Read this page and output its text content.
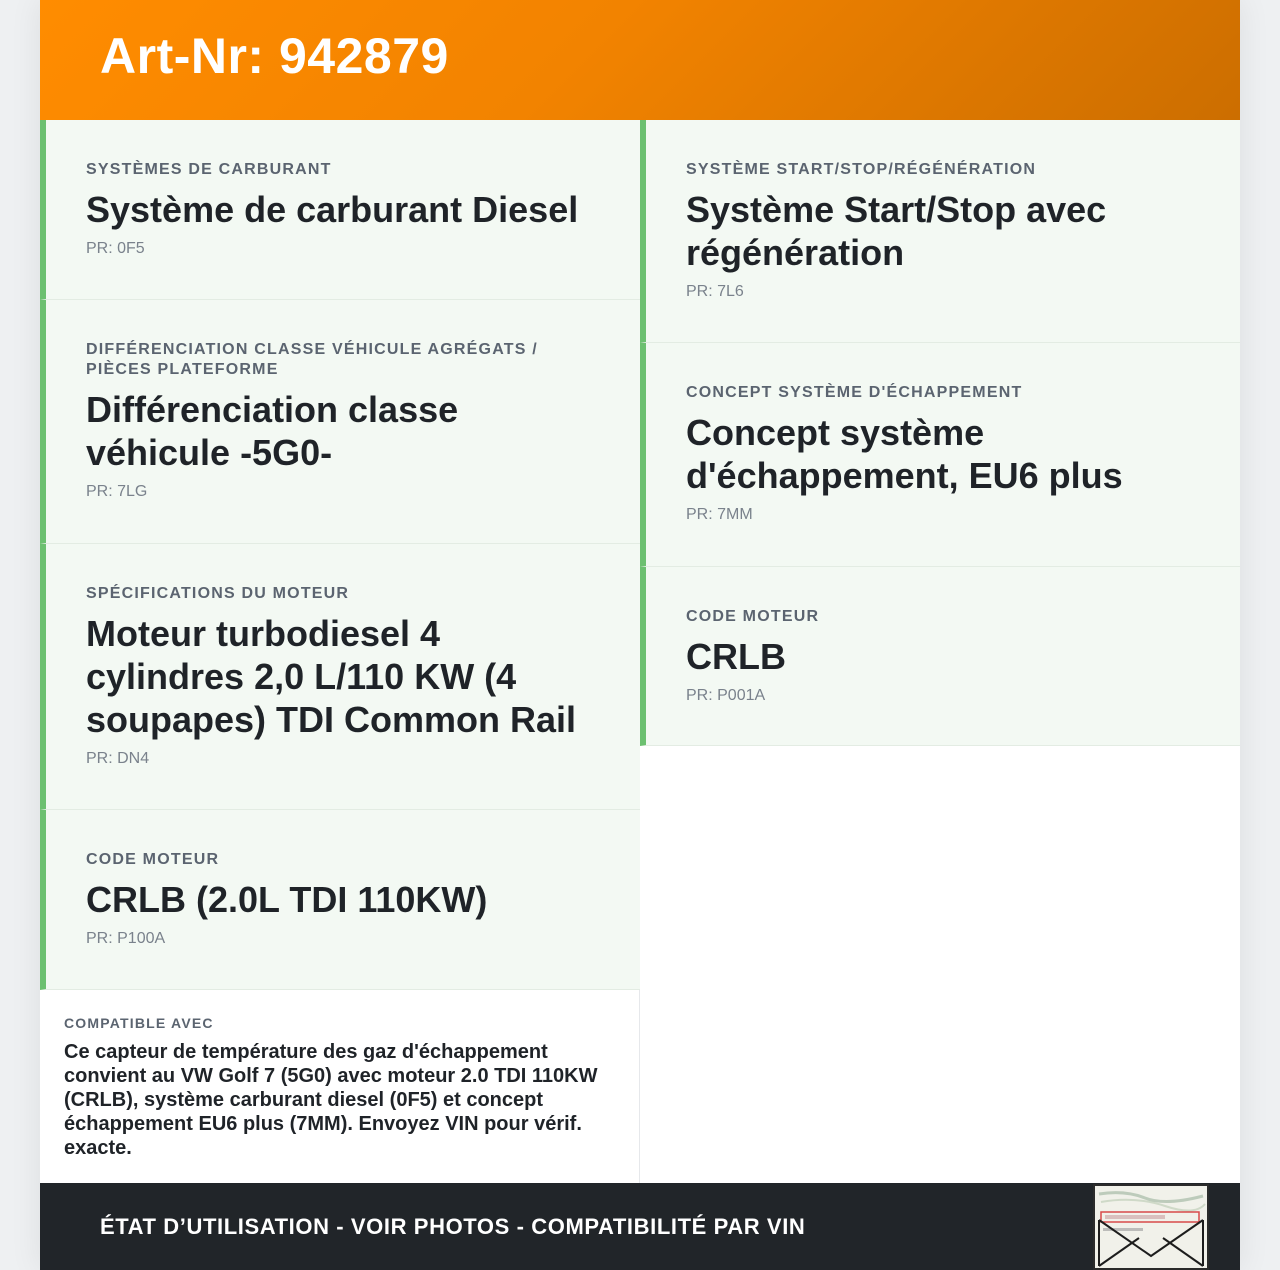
Art-Nr: 942879
SYSTÈMES DE CARBURANT
Système de carburant Diesel
PR: 0F5
DIFFÉRENCIATION CLASSE VÉHICULE AGRÉGATS / PIÈCES PLATEFORME
Différenciation classe véhicule -5G0-
PR: 7LG
SPÉCIFICATIONS DU MOTEUR
Moteur turbodiesel 4 cylindres 2,0 L/110 KW (4 soupapes) TDI Common Rail
PR: DN4
CODE MOTEUR
CRLB (2.0L TDI 110KW)
PR: P100A
SYSTÈME START/STOP/RÉGÉNÉRATION
Système Start/Stop avec régénération
PR: 7L6
CONCEPT SYSTÈME D'ÉCHAPPEMENT
Concept système d'échappement, EU6 plus
PR: 7MM
CODE MOTEUR
CRLB
PR: P001A
COMPATIBLE AVEC
Ce capteur de température des gaz d'échappement convient au VW Golf 7 (5G0) avec moteur 2.0 TDI 110KW (CRLB), système carburant diesel (0F5) et concept échappement EU6 plus (7MM). Envoyez VIN pour vérif. exacte.
ÉTAT D’UTILISATION - VOIR PHOTOS - COMPATIBILITÉ PAR VIN
